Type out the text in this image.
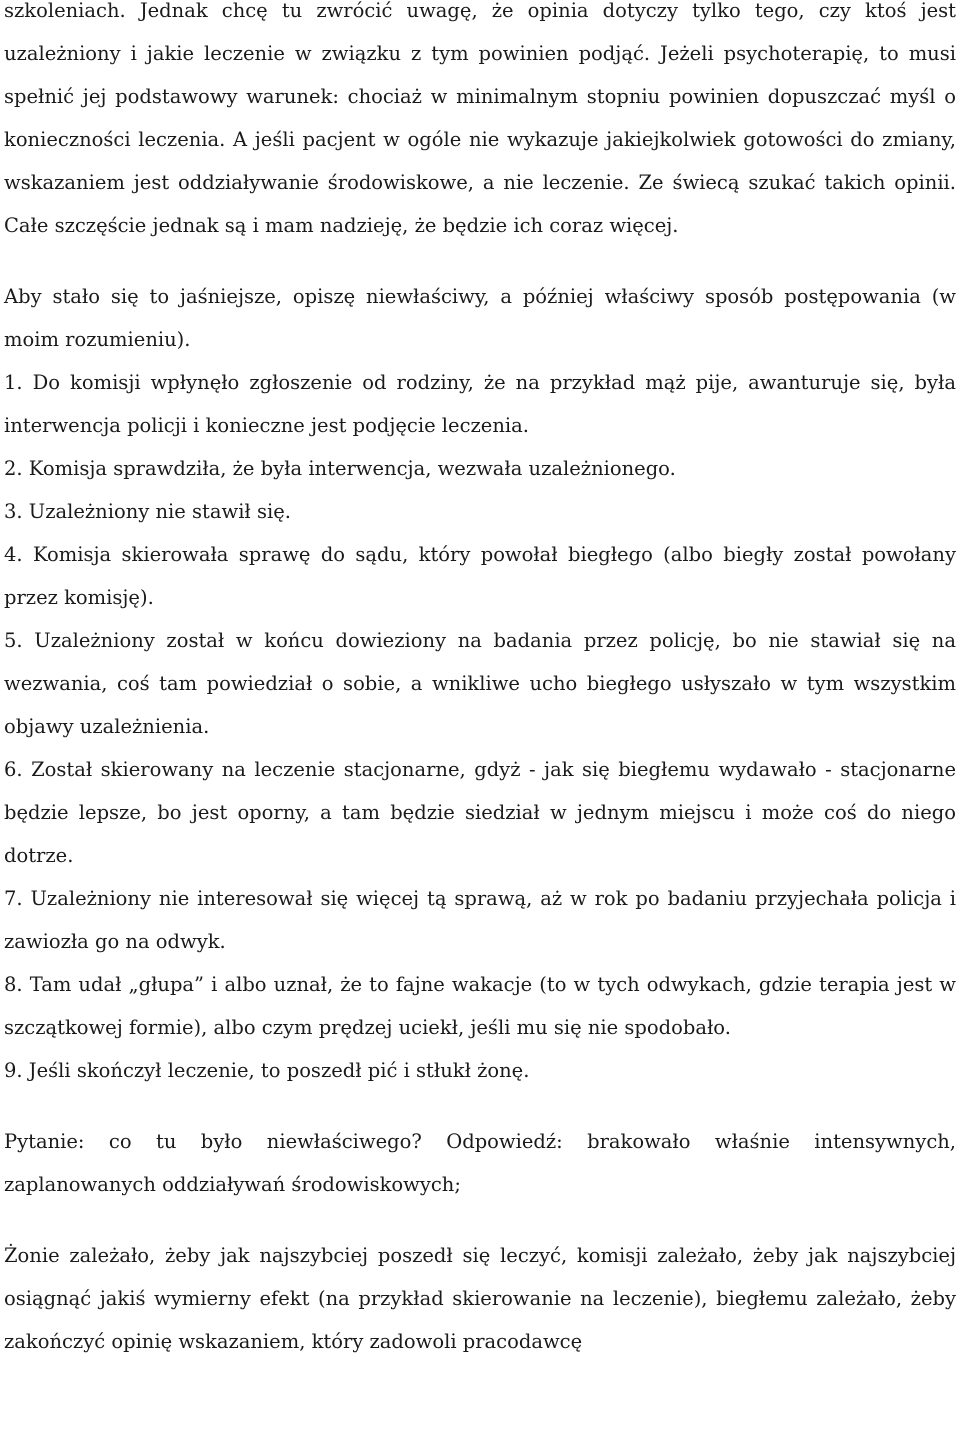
szkoleniach. Jednak chcę tu zwrócić uwagę, że opinia dotyczy tylko tego, czy ktoś jest uzależniony i jakie leczenie w związku z tym powinien podjąć. Jeżeli psychoterapię, to musi spełnić jej podstawowy warunek: chociaż w minimalnym stopniu powinien dopuszczać myśl o konieczności leczenia. A jeśli pacjent w ogóle nie wykazuje jakiejkolwiek gotowości do zmiany, wskazaniem jest oddziaływanie środowiskowe, a nie leczenie. Ze świecą szukać takich opinii. Całe szczęście jednak są i mam nadzieję, że będzie ich coraz więcej.

Aby stało się to jaśniejsze, opiszę niewłaściwy, a później właściwy sposób postępowania (w moim rozumieniu).

1. Do komisji wpłynęło zgłoszenie od rodziny, że na przykład mąż pije, awanturuje się, była interwencja policji i konieczne jest podjęcie leczenia.

2. Komisja sprawdziła, że była interwencja, wezwała uzależnionego.

3. Uzależniony nie stawił się.

4. Komisja skierowała sprawę do sądu, który powołał biegłego (albo biegły został powołany przez komisję).

5. Uzależniony został w końcu dowieziony na badania przez policję, bo nie stawiał się na wezwania, coś tam powiedział o sobie, a wnikliwe ucho biegłego usłyszało w tym wszystkim objawy uzależnienia.

6. Został skierowany na leczenie stacjonarne, gdyż - jak się biegłemu wydawało - stacjonarne będzie lepsze, bo jest oporny, a tam będzie siedział w jednym miejscu i może coś do niego dotrze.

7. Uzależniony nie interesował się więcej tą sprawą, aż w rok po badaniu przyjechała policja i zawiozła go na odwyk.

8. Tam udał „głupa” i albo uznał, że to fajne wakacje (to w tych odwykach, gdzie terapia jest w szczątkowej formie), albo czym prędzej uciekł, jeśli mu się nie spodobało.

9. Jeśli skończył leczenie, to poszedł pić i stłukł żonę.

Pytanie: co tu było niewłaściwego? Odpowiedź: brakowało właśnie intensywnych, zaplanowanych oddziaływań środowiskowych;

Żonie zależało, żeby jak najszybciej poszedł się leczyć, komisji zależało, żeby jak najszybciej osiągnąć jakiś wymierny efekt (na przykład skierowanie na leczenie), biegłemu zależało, żeby zakończyć opinię wskazaniem, który zadowoli pracodawcę
